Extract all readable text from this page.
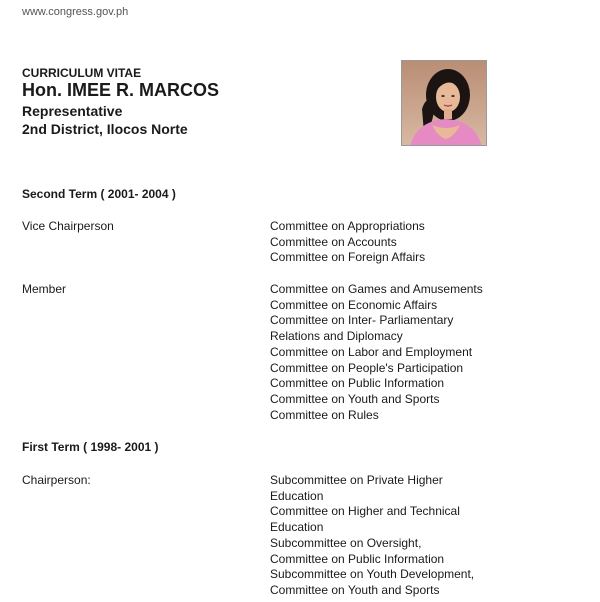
www.congress.gov.ph
CURRICULUM VITAE
Hon. IMEE R. MARCOS
Representative
2nd District, Ilocos Norte
Second Term ( 2001- 2004 )
Vice Chairperson	Committee on Appropriations
Committee on Accounts
Committee on Foreign Affairs
Member	Committee on Games and Amusements
Committee on Economic Affairs
Committee on Inter- Parliamentary
Relations and Diplomacy
Committee on Labor and Employment
Committee on People's Participation
Committee on Public Information
Committee on Youth and Sports
Committee on Rules
First Term ( 1998- 2001 )
Chairperson:	Subcommittee on Private Higher
Education
Committee on Higher and Technical
Education
Subcommittee on Oversight,
Committee on Public Information
Subcommittee on Youth Development,
Committee on Youth and Sports
